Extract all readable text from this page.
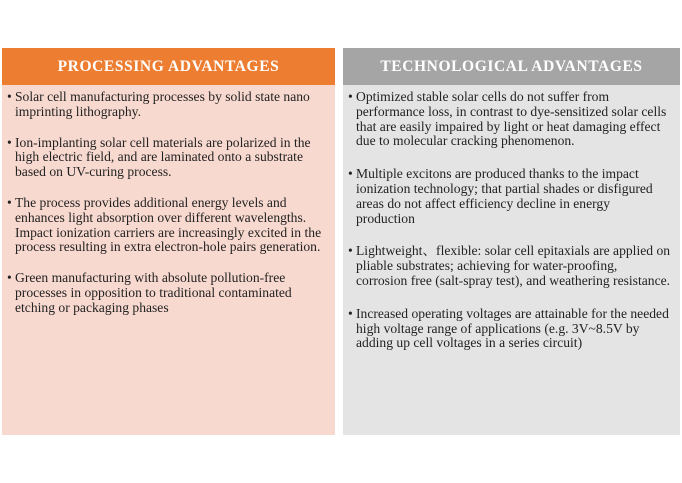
PROCESSING ADVANTAGES
• Solar cell manufacturing processes by solid state nano imprinting lithography.
• Ion-implanting solar cell materials are polarized in the high electric field, and are laminated onto a substrate based on UV-curing process.
• The process provides additional energy levels and enhances light absorption over different wavelengths. Impact ionization carriers are increasingly excited in the process resulting in extra electron-hole pairs generation.
• Green manufacturing with absolute pollution-free processes in opposition to traditional contaminated etching or packaging phases
TECHNOLOGICAL ADVANTAGES
• Optimized stable solar cells do not suffer from performance loss, in contrast to dye-sensitized solar cells that are easily impaired by light or heat damaging effect due to molecular cracking phenomenon.
• Multiple excitons are produced thanks to the impact ionization technology; that partial shades or disfigured areas do not affect efficiency decline in energy production
• Lightweight、flexible: solar cell epitaxials are applied on pliable substrates; achieving for water-proofing, corrosion free (salt-spray test), and weathering resistance.
• Increased operating voltages are attainable for the needed high voltage range of applications (e.g. 3V~8.5V by adding up cell voltages in a series circuit)
